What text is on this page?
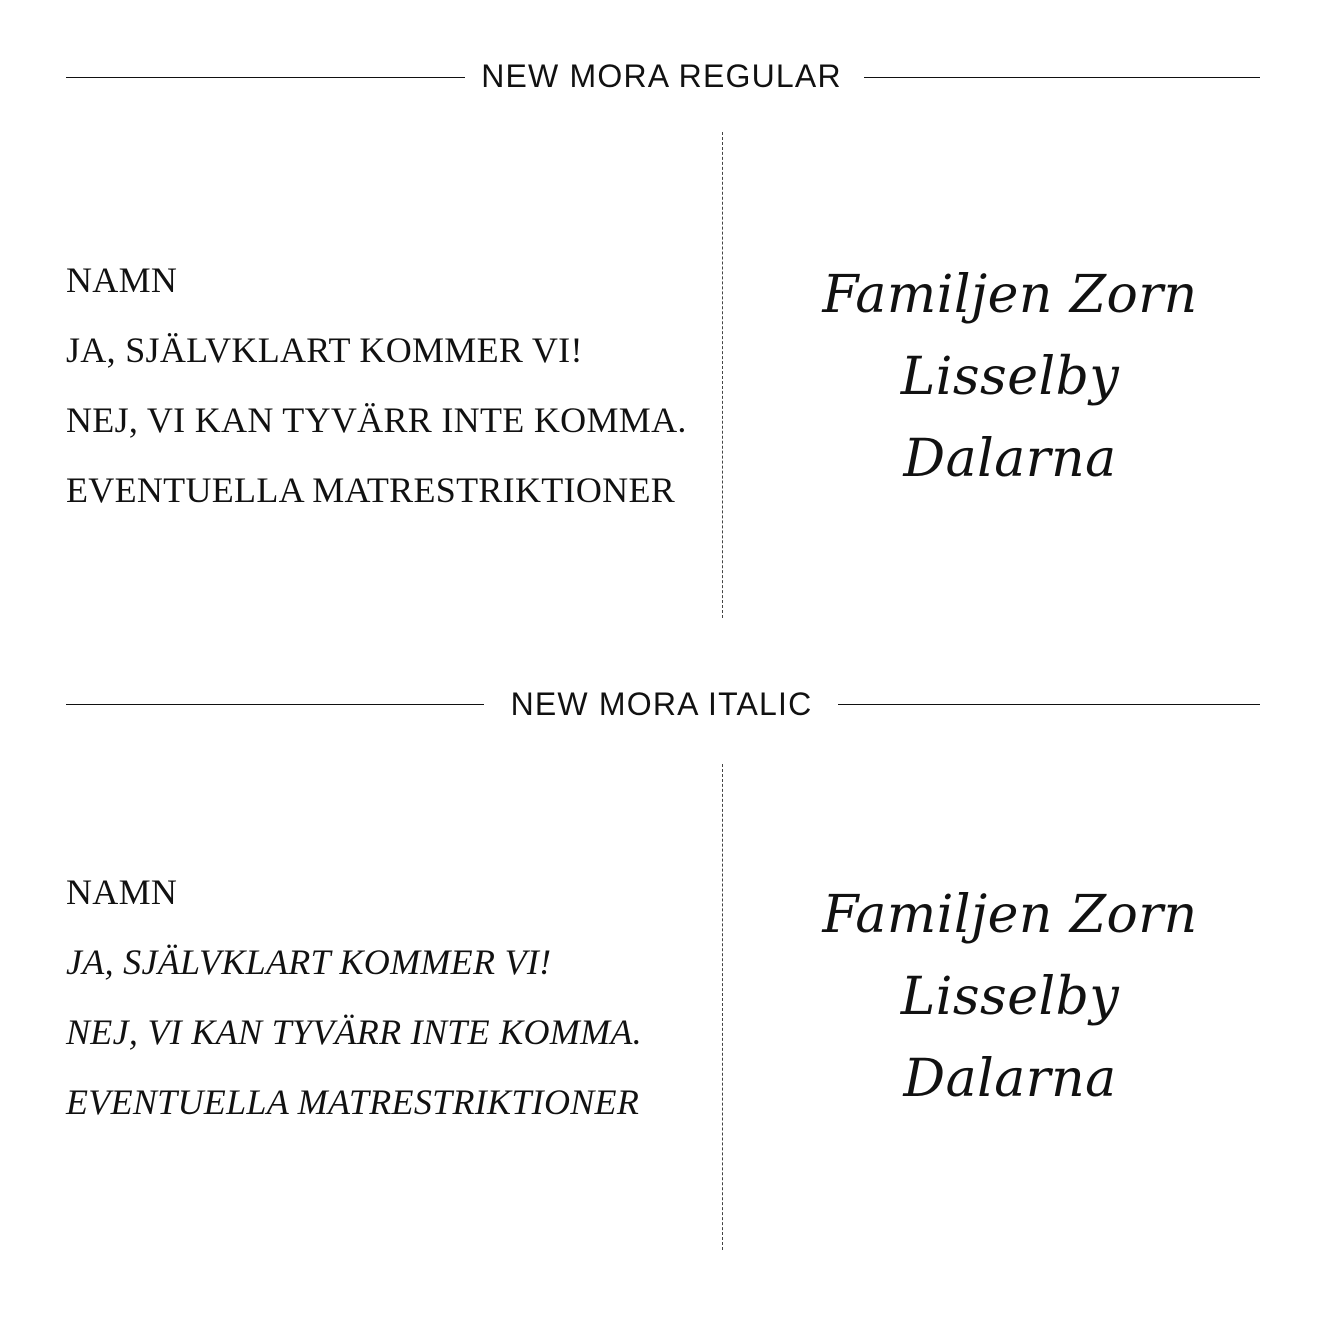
NEW MORA REGULAR
NAMN
JA, SJÄLVKLART KOMMER VI!
NEJ, VI KAN TYVÄRR INTE KOMMA.
EVENTUELLA MATRESTRIKTIONER
Familjen Zorn
Lisselby
Dalarna
NEW MORA ITALIC
NAMN
JA, SJÄLVKLART KOMMER VI!
NEJ, VI KAN TYVÄRR INTE KOMMA.
EVENTUELLA MATRESTRIKTIONER
Familjen Zorn
Lisselby
Dalarna
